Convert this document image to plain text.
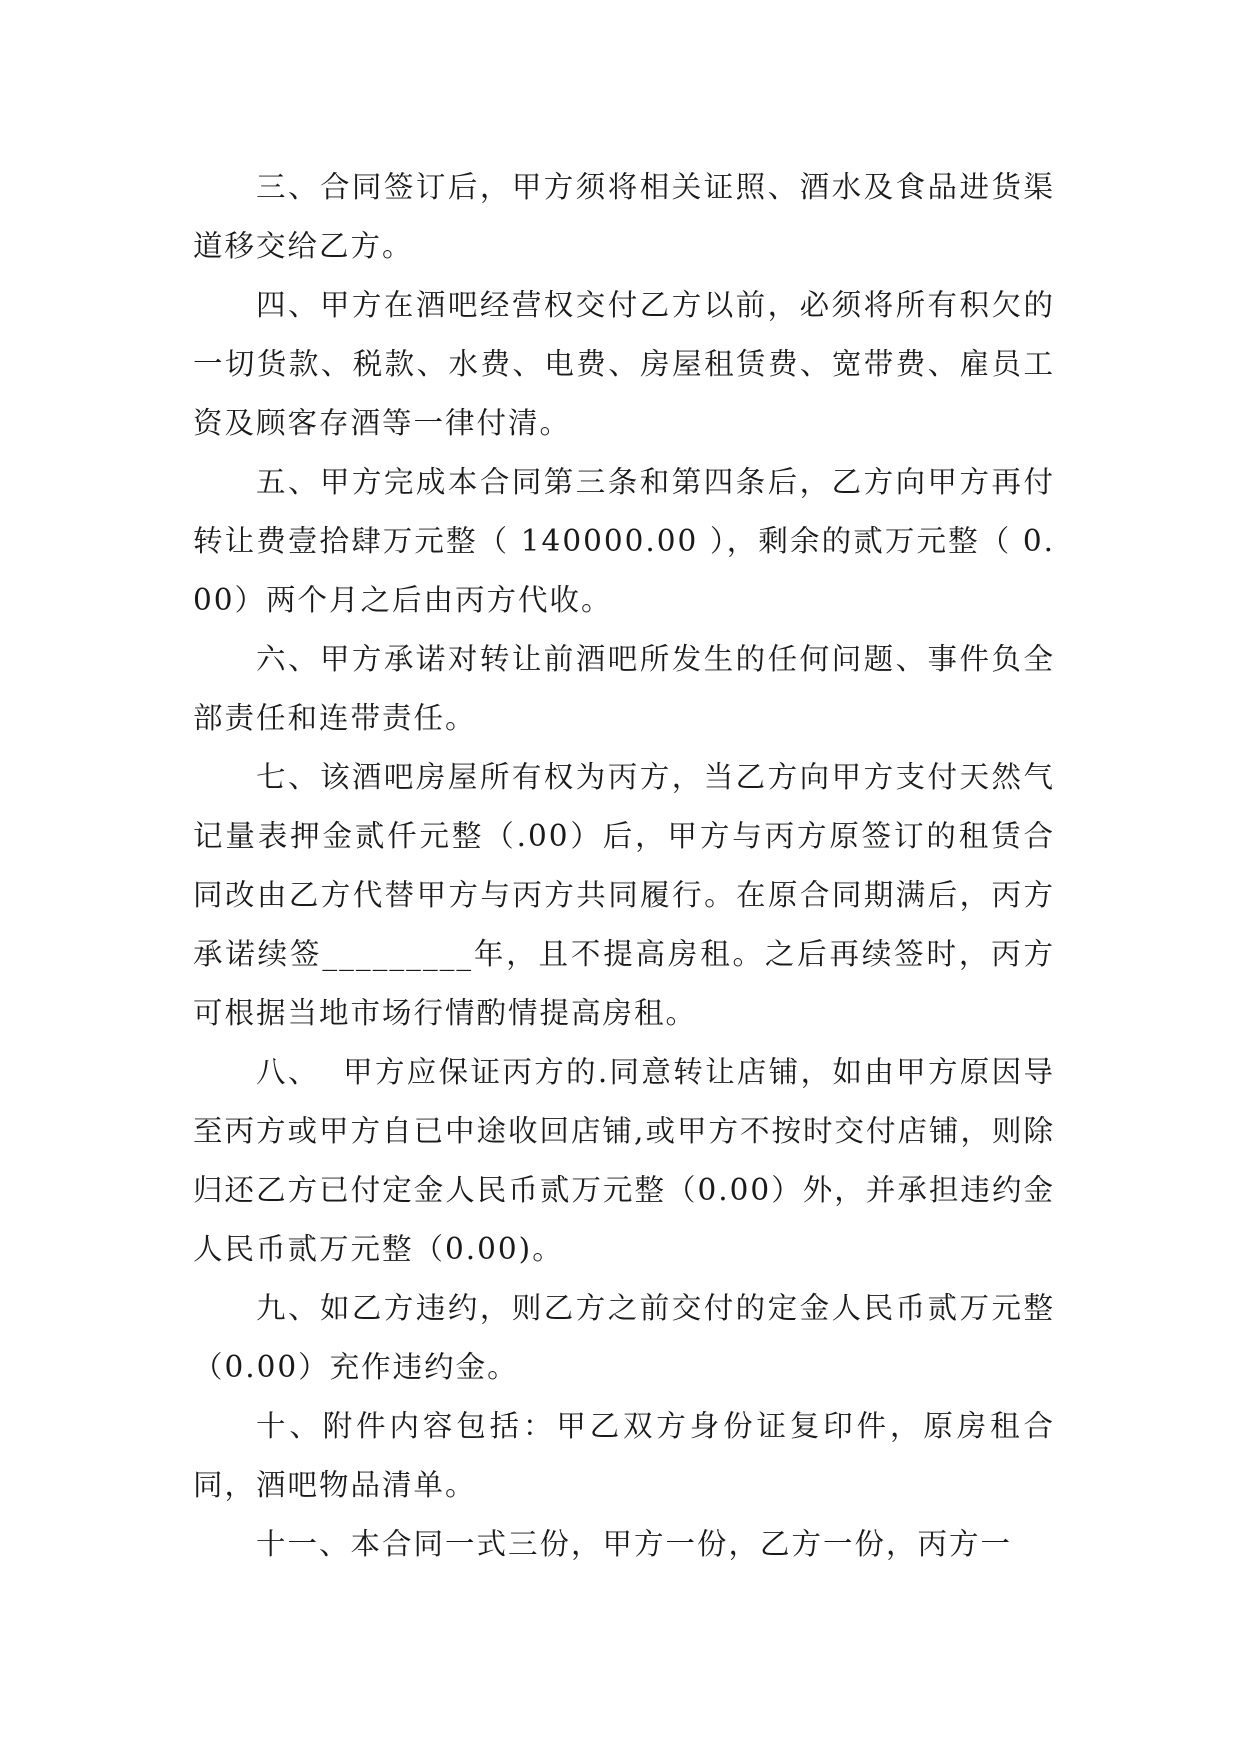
三、合同签订后，甲方须将相关证照、酒水及食品进货渠道移交给乙方。

四、甲方在酒吧经营权交付乙方以前，必须将所有积欠的一切货款、税款、水费、电费、房屋租赁费、宽带费、雇员工资及顾客存酒等一律付清。

五、甲方完成本合同第三条和第四条后，乙方向甲方再付转让费壹拾肆万元整（ 140000.00 ），剩余的贰万元整（ 0.00）两个月之后由丙方代收。

六、甲方承诺对转让前酒吧所发生的任何问题、事件负全部责任和连带责任。

七、该酒吧房屋所有权为丙方，当乙方向甲方支付天然气记量表押金贰仟元整（.00）后，甲方与丙方原签订的租赁合同改由乙方代替甲方与丙方共同履行。在原合同期满后，丙方承诺续签_________年，且不提高房租。之后再续签时，丙方可根据当地市场行情酌情提高房租。

八、  甲方应保证丙方的.同意转让店铺，如由甲方原因导至丙方或甲方自已中途收回店铺,或甲方不按时交付店铺，则除归还乙方已付定金人民币贰万元整（0.00）外，并承担违约金人民币贰万元整（0.00)。

九、如乙方违约，则乙方之前交付的定金人民币贰万元整（0.00）充作违约金。

十、附件内容包括：甲乙双方身份证复印件，原房租合同，酒吧物品清单。

十一、本合同一式三份，甲方一份，乙方一份，丙方一
